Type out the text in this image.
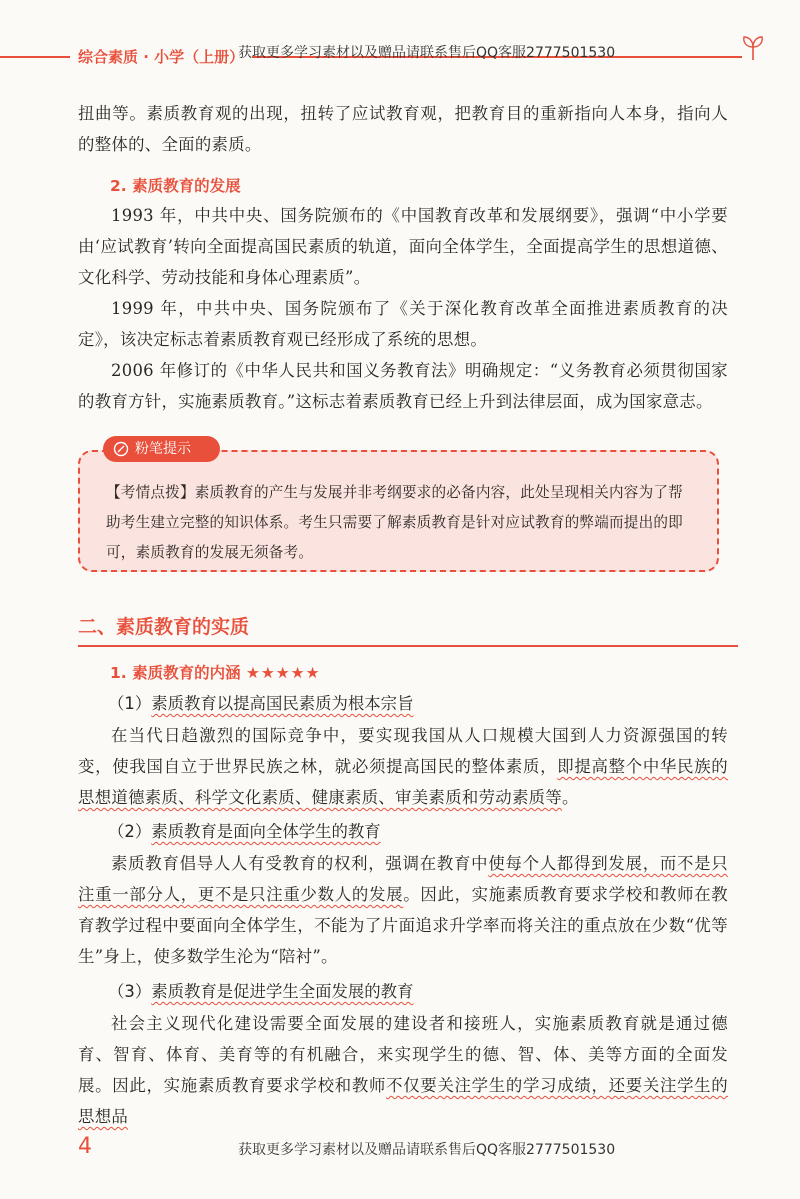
综合素质 · 小学（上册）
获取更多学习素材以及赠品请联系售后QQ客服2777501530

扭曲等。素质教育观的出现，扭转了应试教育观，把教育目的重新指向人本身，指向人的整体的、全面的素质。

2. 素质教育的发展

1993 年，中共中央、国务院颁布的《中国教育改革和发展纲要》，强调“中小学要由‘应试教育’转向全面提高国民素质的轨道，面向全体学生，全面提高学生的思想道德、文化科学、劳动技能和身体心理素质”。

1999 年，中共中央、国务院颁布了《关于深化教育改革全面推进素质教育的决定》，该决定标志着素质教育观已经形成了系统的思想。

2006 年修订的《中华人民共和国义务教育法》明确规定：“义务教育必须贯彻国家的教育方针，实施素质教育。”这标志着素质教育已经上升到法律层面，成为国家意志。

粉笔提示

【考情点拨】素质教育的产生与发展并非考纲要求的必备内容，此处呈现相关内容为了帮助考生建立完整的知识体系。考生只需要了解素质教育是针对应试教育的弊端而提出的即可，素质教育的发展无须备考。

二、素质教育的实质
1. 素质教育的内涵 ★★★★★
（1）素质教育以提高国民素质为根本宗旨

在当代日趋激烈的国际竞争中，要实现我国从人口规模大国到人力资源强国的转变，使我国自立于世界民族之林，就必须提高国民的整体素质，即提高整个中华民族的思想道德素质、科学文化素质、健康素质、审美素质和劳动素质等。

（2）素质教育是面向全体学生的教育

素质教育倡导人人有受教育的权利，强调在教育中使每个人都得到发展，而不是只注重一部分人，更不是只注重少数人的发展。因此，实施素质教育要求学校和教师在教育教学过程中要面向全体学生，不能为了片面追求升学率而将关注的重点放在少数“优等生”身上，使多数学生沦为“陪衬”。

（3）素质教育是促进学生全面发展的教育

社会主义现代化建设需要全面发展的建设者和接班人，实施素质教育就是通过德育、智育、体育、美育等的有机融合，来实现学生的德、智、体、美等方面的全面发展。因此，实施素质教育要求学校和教师不仅要关注学生的学习成绩，还要关注学生的思想品

4	获取更多学习素材以及赠品请联系售后QQ客服2777501530
